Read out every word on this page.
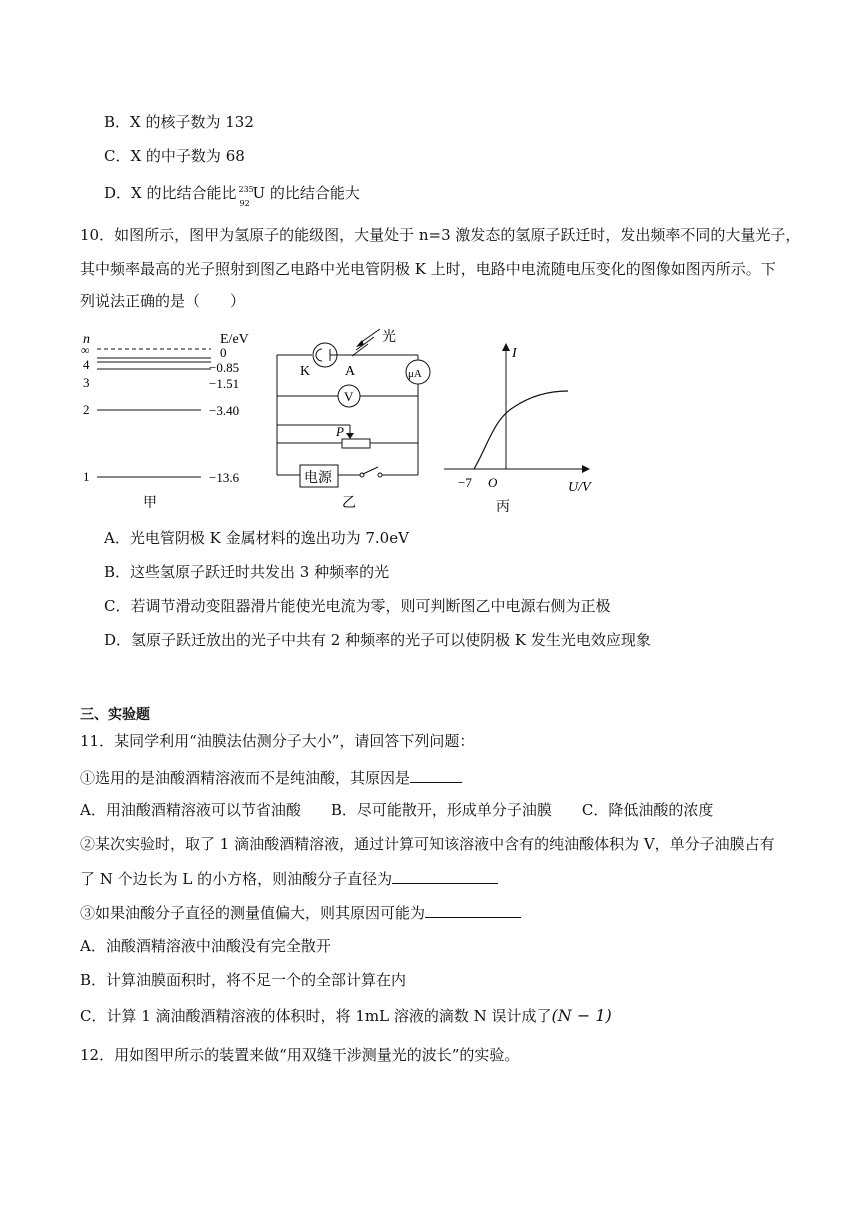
B．X 的核子数为 132
C．X 的中子数为 68
D．X 的比结合能比 235
92
U 的比结合能大
10．如图所示，图甲为氢原子的能级图，大量处于 n=3 激发态的氢原子跃迁时，发出频率不同的大量光子，
其中频率最高的光子照射到图乙电路中光电管阴极 K 上时，电路中电流随电压变化的图像如图丙所示。下
列说法正确的是（　　）
n	E/eV
∞	0
4	−0.85
3	−1.51
2	−3.40
1	−13.6
甲
光
K A	μA
V
P
电源
乙
I
U/V
O
−7
丙
A．光电管阴极 K 金属材料的逸出功为 7.0eV
B．这些氢原子跃迁时共发出 3 种频率的光
C．若调节滑动变阻器滑片能使光电流为零，则可判断图乙中电源右侧为正极
D．氢原子跃迁放出的光子中共有 2 种频率的光子可以使阴极 K 发生光电效应现象
三、实验题
11．某同学利用“油膜法估测分子大小”，请回答下列问题：
①选用的是油酸酒精溶液而不是纯油酸，其原因是
A．用油酸酒精溶液可以节省油酸　　B．尽可能散开，形成单分子油膜　　C．降低油酸的浓度
②某次实验时，取了 1 滴油酸酒精溶液，通过计算可知该溶液中含有的纯油酸体积为 V，单分子油膜占有
了 N 个边长为 L 的小方格，则油酸分子直径为
③如果油酸分子直径的测量值偏大，则其原因可能为
A．油酸酒精溶液中油酸没有完全散开
B．计算油膜面积时，将不足一个的全部计算在内
C．计算 1 滴油酸酒精溶液的体积时，将 1mL 溶液的滴数 N 误计成了(N − 1)
12．用如图甲所示的装置来做“用双缝干涉测量光的波长”的实验。
